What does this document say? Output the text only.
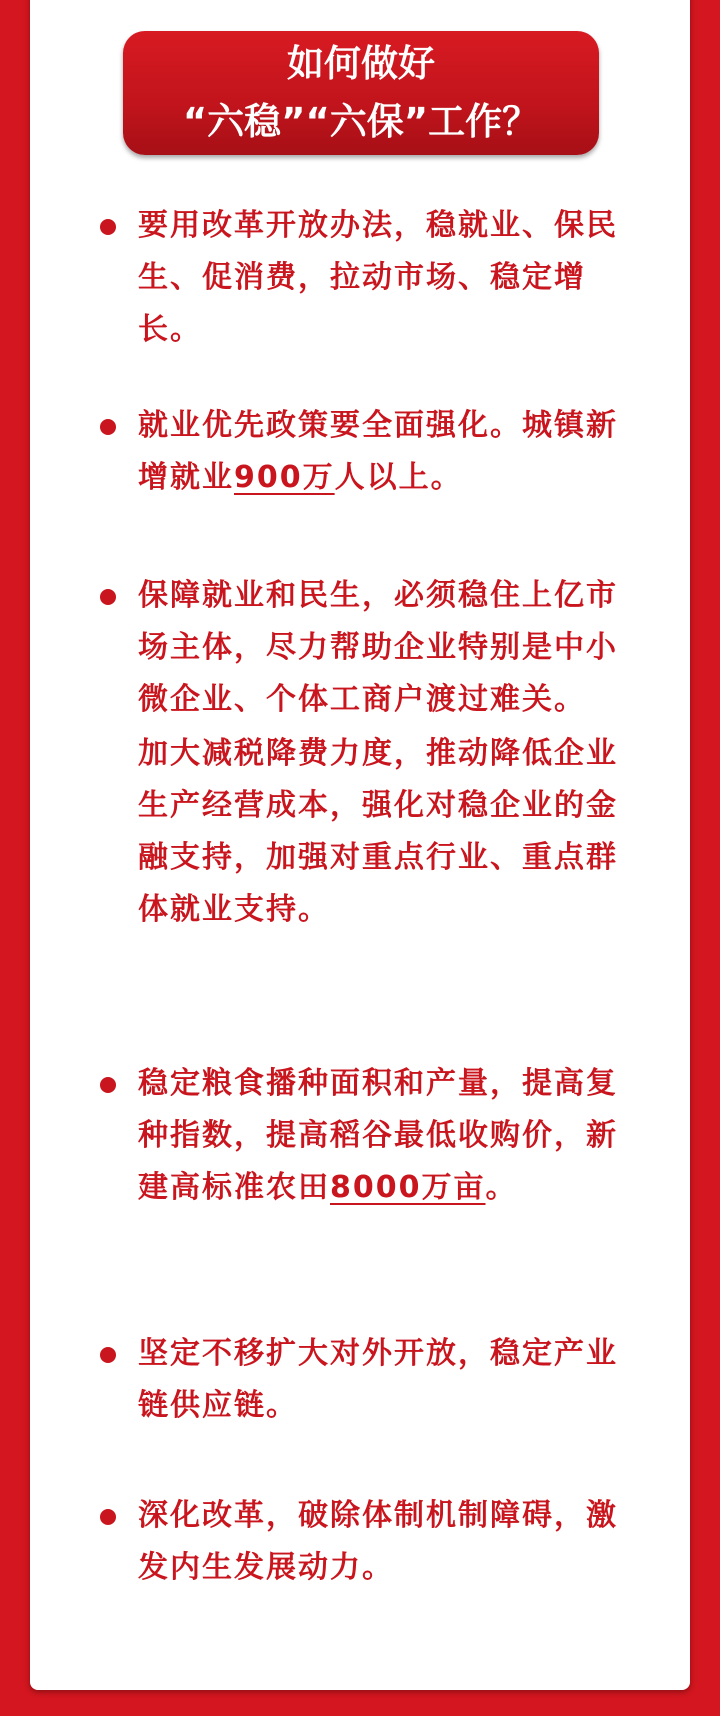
如何做好
“六稳”“六保”工作？
要用改革开放办法，稳就业、保民生、促消费，拉动市场、稳定增长。
就业优先政策要全面强化。城镇新增就业900万人以上。
保障就业和民生，必须稳住上亿市场主体，尽力帮助企业特别是中小微企业、个体工商户渡过难关。
加大减税降费力度，推动降低企业生产经营成本，强化对稳企业的金融支持，加强对重点行业、重点群体就业支持。
稳定粮食播种面积和产量，提高复种指数，提高稻谷最低收购价，新建高标准农田8000万亩。
坚定不移扩大对外开放，稳定产业链供应链。
深化改革，破除体制机制障碍，激发内生发展动力。
